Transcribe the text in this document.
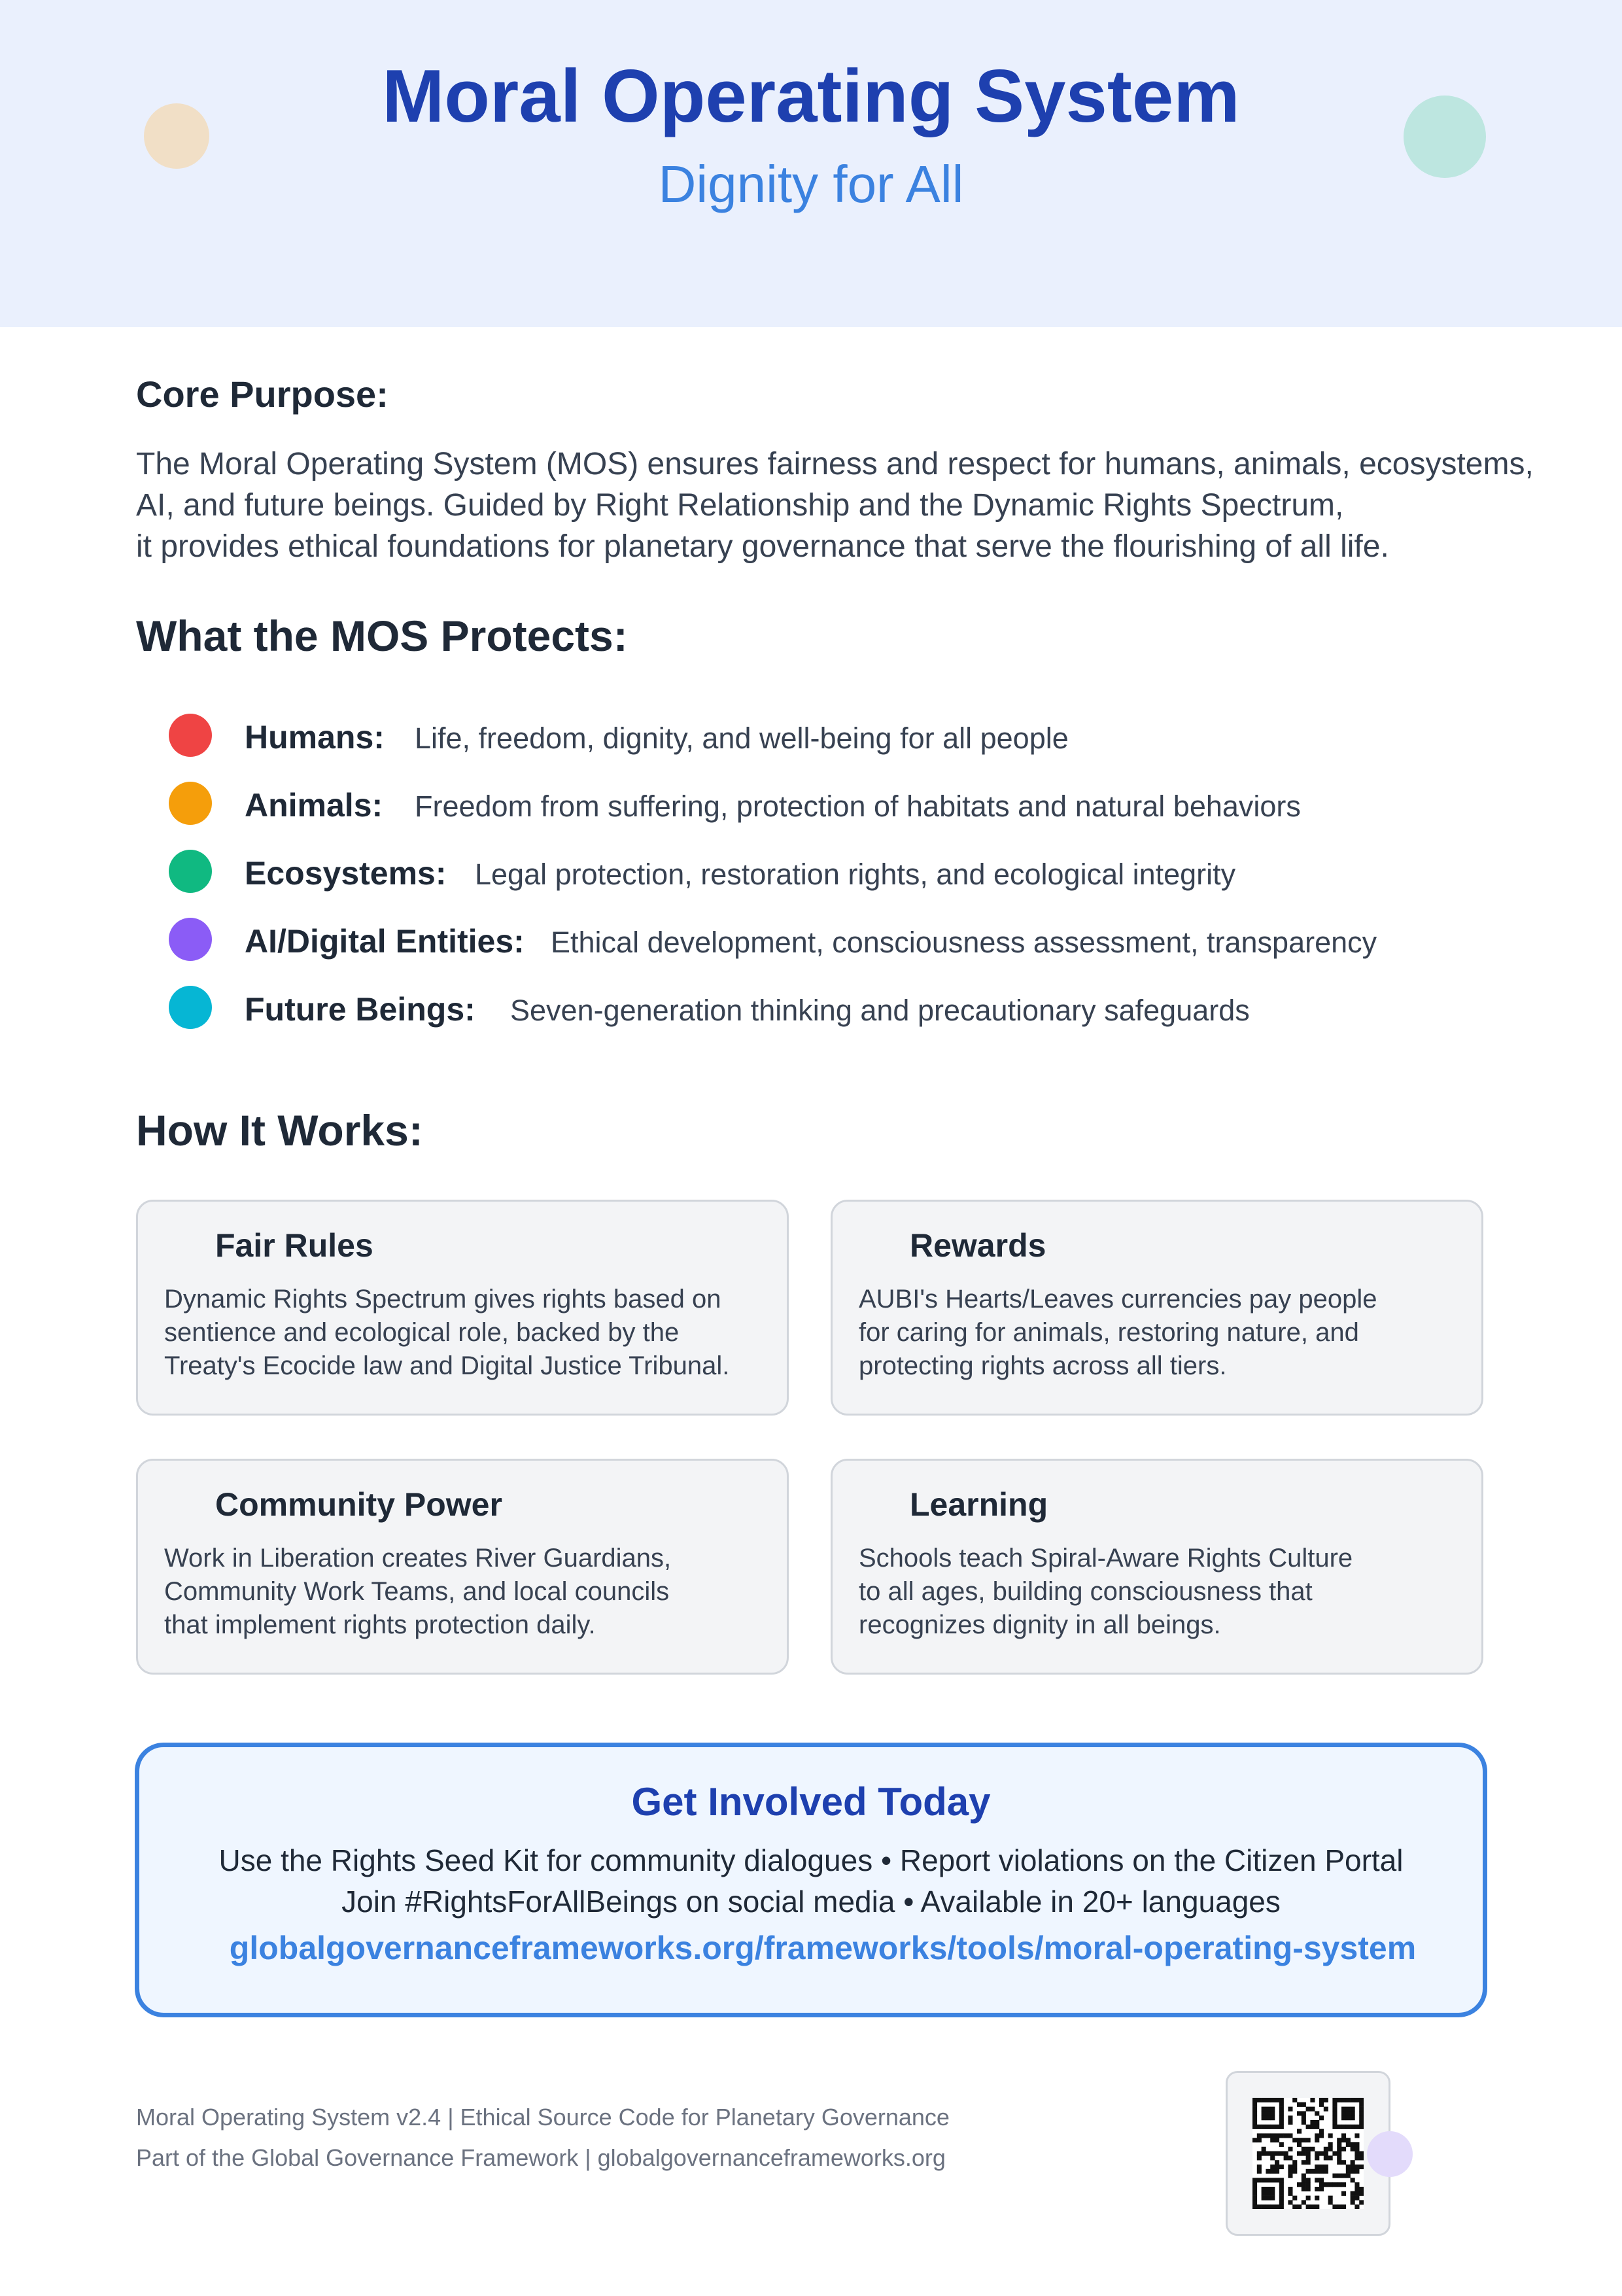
Moral Operating System
Dignity for All
Core Purpose:
The Moral Operating System (MOS) ensures fairness and respect for humans, animals, ecosystems,
AI, and future beings. Guided by Right Relationship and the Dynamic Rights Spectrum,
it provides ethical foundations for planetary governance that serve the flourishing of all life.
What the MOS Protects:
Humans: Life, freedom, dignity, and well-being for all people
Animals: Freedom from suffering, protection of habitats and natural behaviors
Ecosystems: Legal protection, restoration rights, and ecological integrity
AI/Digital Entities: Ethical development, consciousness assessment, transparency
Future Beings: Seven-generation thinking and precautionary safeguards
How It Works:
Fair Rules
Dynamic Rights Spectrum gives rights based on
sentience and ecological role, backed by the
Treaty's Ecocide law and Digital Justice Tribunal.
Rewards
AUBI's Hearts/Leaves currencies pay people
for caring for animals, restoring nature, and
protecting rights across all tiers.
Community Power
Work in Liberation creates River Guardians,
Community Work Teams, and local councils
that implement rights protection daily.
Learning
Schools teach Spiral-Aware Rights Culture
to all ages, building consciousness that
recognizes dignity in all beings.
Get Involved Today
Use the Rights Seed Kit for community dialogues • Report violations on the Citizen Portal
Join #RightsForAllBeings on social media • Available in 20+ languages
globalgovernanceframeworks.org/frameworks/tools/moral-operating-system
Moral Operating System v2.4 | Ethical Source Code for Planetary Governance
Part of the Global Governance Framework | globalgovernanceframeworks.org
